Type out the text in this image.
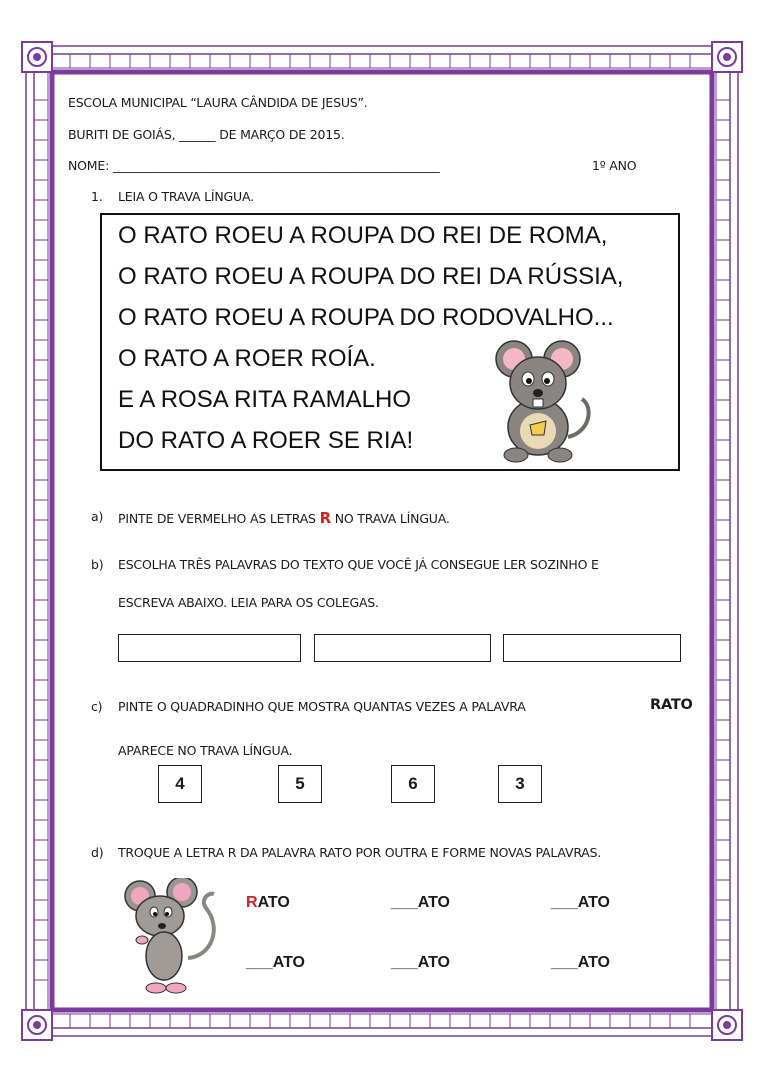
ESCOLA MUNICIPAL “LAURA CÂNDIDA DE JESUS”.
BURITI DE GOIÁS, ______ DE MARÇO DE 2015.
NOME: ______________________________________________________	1º ANO
1. LEIA O TRAVA LÍNGUA.
O RATO ROEU A ROUPA DO REI DE ROMA,
O RATO ROEU A ROUPA DO REI DA RÚSSIA,
O RATO ROEU A ROUPA DO RODOVALHO...
O RATO A ROER ROÍA.
E A ROSA RITA RAMALHO
DO RATO A ROER SE RIA!
a) PINTE DE VERMELHO AS LETRAS R NO TRAVA LÍNGUA.
b) ESCOLHA TRÊS PALAVRAS DO TEXTO QUE VOCÊ JÁ CONSEGUE LER SOZINHO E
ESCREVA ABAIXO. LEIA PARA OS COLEGAS.
c) PINTE O QUADRADINHO QUE MOSTRA QUANTAS VEZES A PALAVRA	RATO
APARECE NO TRAVA LÍNGUA.
4	5	6	3
d) TROQUE A LETRA R DA PALAVRA RATO POR OUTRA E FORME NOVAS PALAVRAS.
RATO	___ATO	___ATO
___ATO	___ATO	___ATO
